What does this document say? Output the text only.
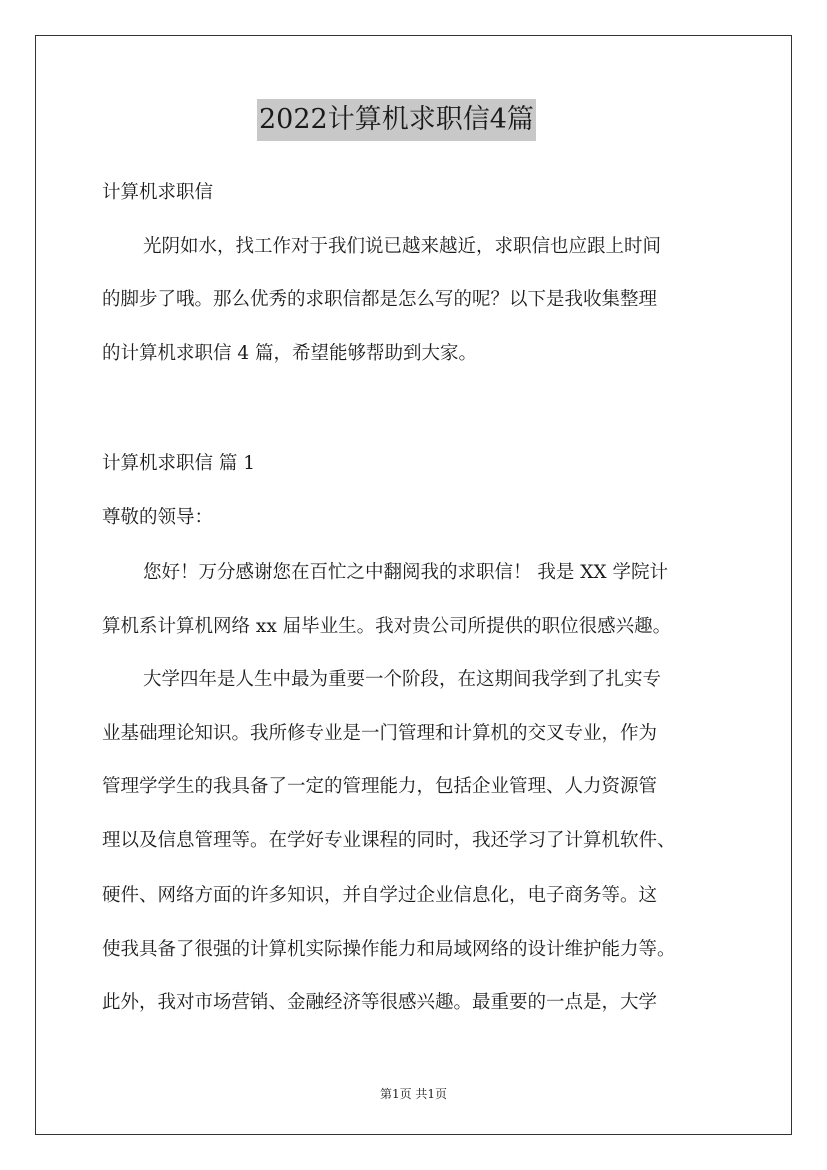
2022计算机求职信4篇

计算机求职信

光阴如水，找工作对于我们说已越来越近，求职信也应跟上时间

的脚步了哦。那么优秀的求职信都是怎么写的呢？以下是我收集整理

的计算机求职信 4 篇，希望能够帮助到大家。

计算机求职信 篇 1

尊敬的领导：

您好！万分感谢您在百忙之中翻阅我的求职信！ 我是 XX 学院计

算机系计算机网络 xx 届毕业生。我对贵公司所提供的职位很感兴趣。

大学四年是人生中最为重要一个阶段，在这期间我学到了扎实专

业基础理论知识。我所修专业是一门管理和计算机的交叉专业，作为

管理学学生的我具备了一定的管理能力，包括企业管理、人力资源管

理以及信息管理等。在学好专业课程的同时，我还学习了计算机软件、

硬件、网络方面的许多知识，并自学过企业信息化，电子商务等。这

使我具备了很强的计算机实际操作能力和局域网络的设计维护能力等。

此外，我对市场营销、金融经济等很感兴趣。最重要的一点是，大学

第1页 共1页
